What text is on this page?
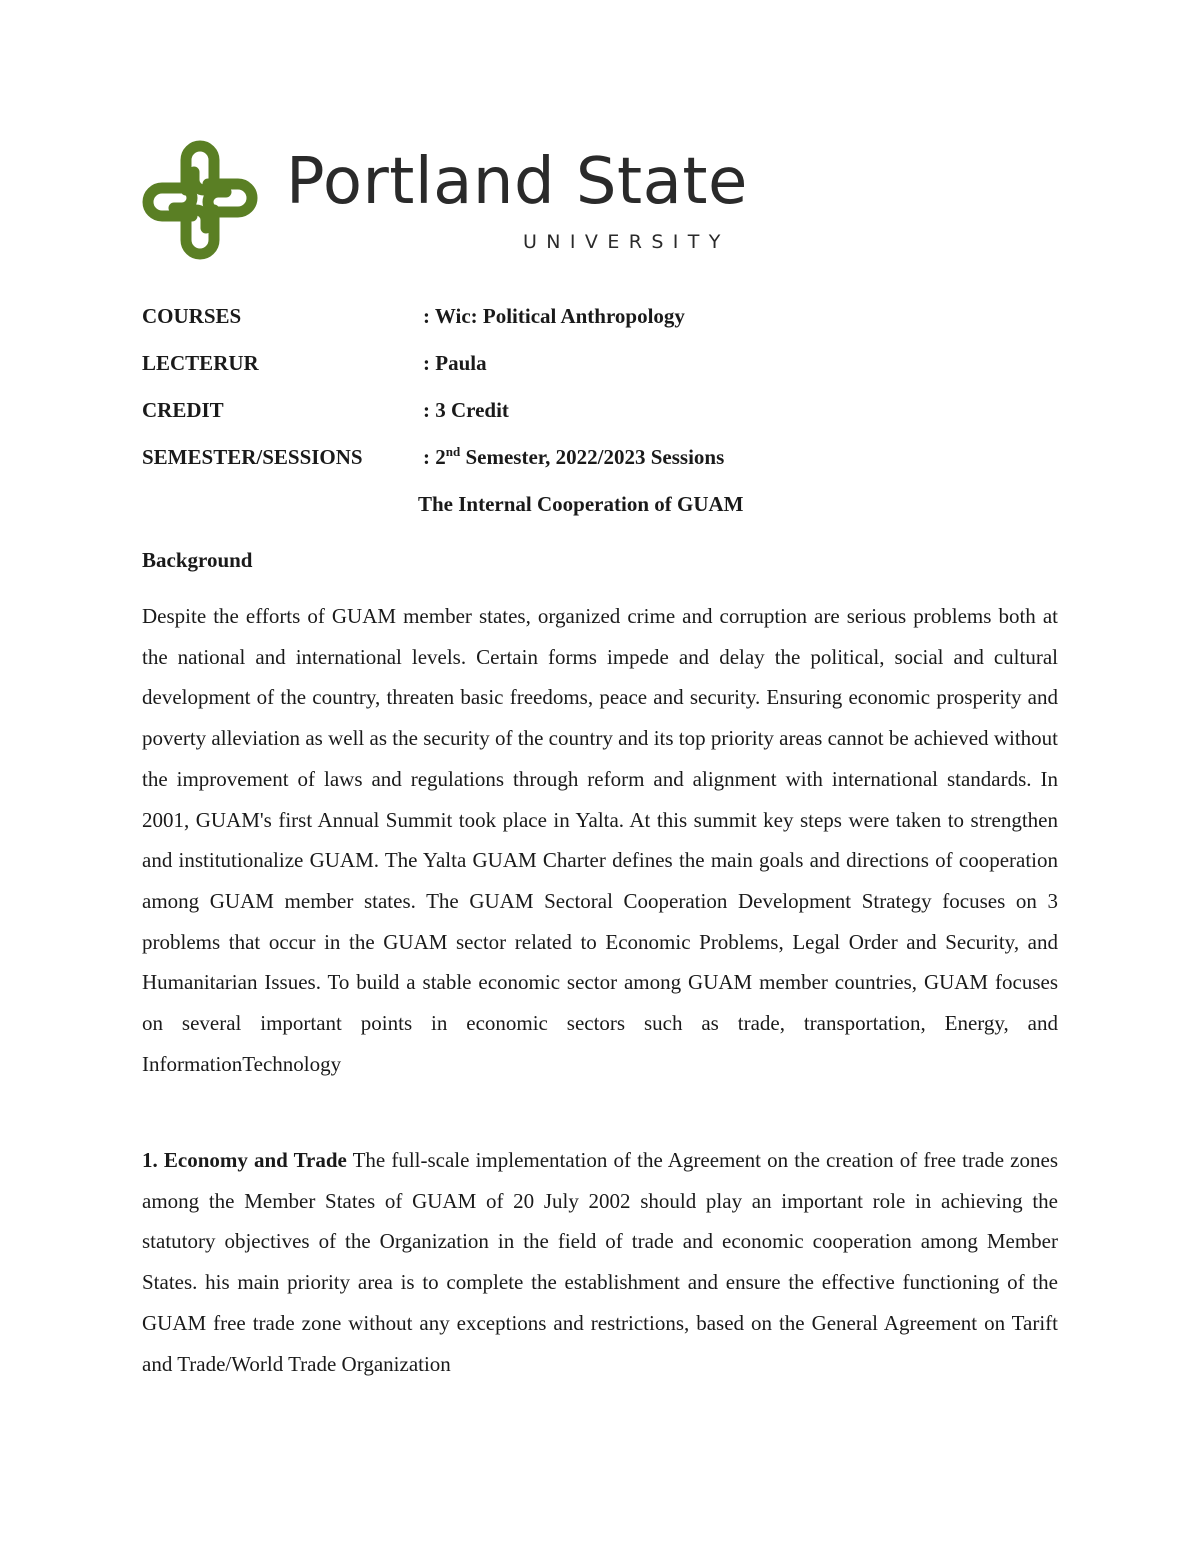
Portland State
UNIVERSITY
COURSES	: Wic: Political Anthropology
LECTERUR	: Paula
CREDIT	: 3 Credit
SEMESTER/SESSIONS	: 2nd Semester, 2022/2023 Sessions
The Internal Cooperation of GUAM
Background

Despite the efforts of GUAM member states, organized crime and corruption are serious problems both at the national and international levels. Certain forms impede and delay the political, social and cultural development of the country, threaten basic freedoms, peace and security. Ensuring economic prosperity and poverty alleviation as well as the security of the country and its top priority areas cannot be achieved without the improvement of laws and regulations through reform and alignment with international standards. In 2001, GUAM's first Annual Summit took place in Yalta. At this summit key steps were taken to strengthen and institutionalize GUAM. The Yalta GUAM Charter defines the main goals and directions of cooperation among GUAM member states. The GUAM Sectoral Cooperation Development Strategy focuses on 3 problems that occur in the GUAM sector related to Economic Problems, Legal Order and Security, and Humanitarian Issues. To build a stable economic sector among GUAM member countries, GUAM focuses on several important points in economic sectors such as trade, transportation, Energy, and InformationTechnology

1. Economy and Trade The full-scale implementation of the Agreement on the creation of free trade zones among the Member States of GUAM of 20 July 2002 should play an important role in achieving the statutory objectives of the Organization in the field of trade and economic cooperation among Member States. his main priority area is to complete the establishment and ensure the effective functioning of the GUAM free trade zone without any exceptions and restrictions, based on the General Agreement on Tarift and Trade/World Trade Organization
